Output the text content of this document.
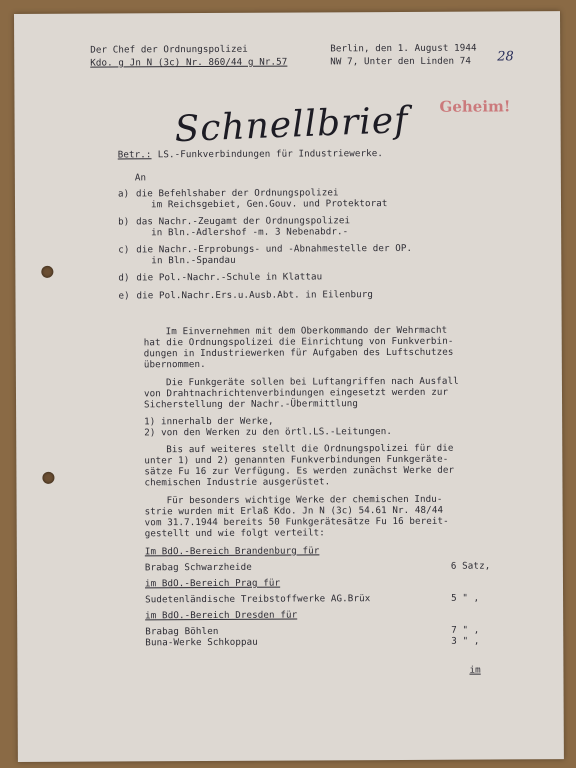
Der Chef der Ordnungspolizei
Kdo. g Jn N (3c) Nr. 860/44 g Nr.57
Berlin, den 1. August 1944
NW 7, Unter den Linden 74 28
Schnellbrief Geheim!
Betr.: LS.-Funkverbindungen für Industriewerke.
An
a) die Befehlshaber der Ordnungspolizei
im Reichsgebiet, Gen.Gouv. und Protektorat
b) das Nachr.-Zeugamt der Ordnungspolizei
in Bln.-Adlershof -m. 3 Nebenabdr.-
c) die Nachr.-Erprobungs- und -Abnahmestelle der OP.
in Bln.-Spandau
d) die Pol.-Nachr.-Schule in Klattau
e) die Pol.Nachr.Ers.u.Ausb.Abt. in Eilenburg
Im Einvernehmen mit dem Oberkommando der Wehrmacht
hat die Ordnungspolizei die Einrichtung von Funkverbin-
dungen in Industriewerken für Aufgaben des Luftschutzes
übernommen.
Die Funkgeräte sollen bei Luftangriffen nach Ausfall
von Drahtnachrichtenverbindungen eingesetzt werden zur
Sicherstellung der Nachr.-Übermittlung
1) innerhalb der Werke,
2) von den Werken zu den örtl.LS.-Leitungen.
Bis auf weiteres stellt die Ordnungspolizei für die
unter 1) und 2) genannten Funkverbindungen Funkgeräte-
sätze Fu 16 zur Verfügung. Es werden zunächst Werke der
chemischen Industrie ausgerüstet.
Für besonders wichtige Werke der chemischen Indu-
strie wurden mit Erlaß Kdo. Jn N (3c) 54.61 Nr. 48/44
vom 31.7.1944 bereits 50 Funkgerätesätze Fu 16 bereit-
gestellt und wie folgt verteilt:
Im BdO.-Bereich Brandenburg für
Brabag Schwarzheide	6 Satz,
im BdO.-Bereich Prag für
Sudetenländische Treibstoffwerke AG.Brüx	5 " ,
im BdO.-Bereich Dresden für
Brabag Böhlen	7 " ,
Buna-Werke Schkoppau	3 " ,
im
